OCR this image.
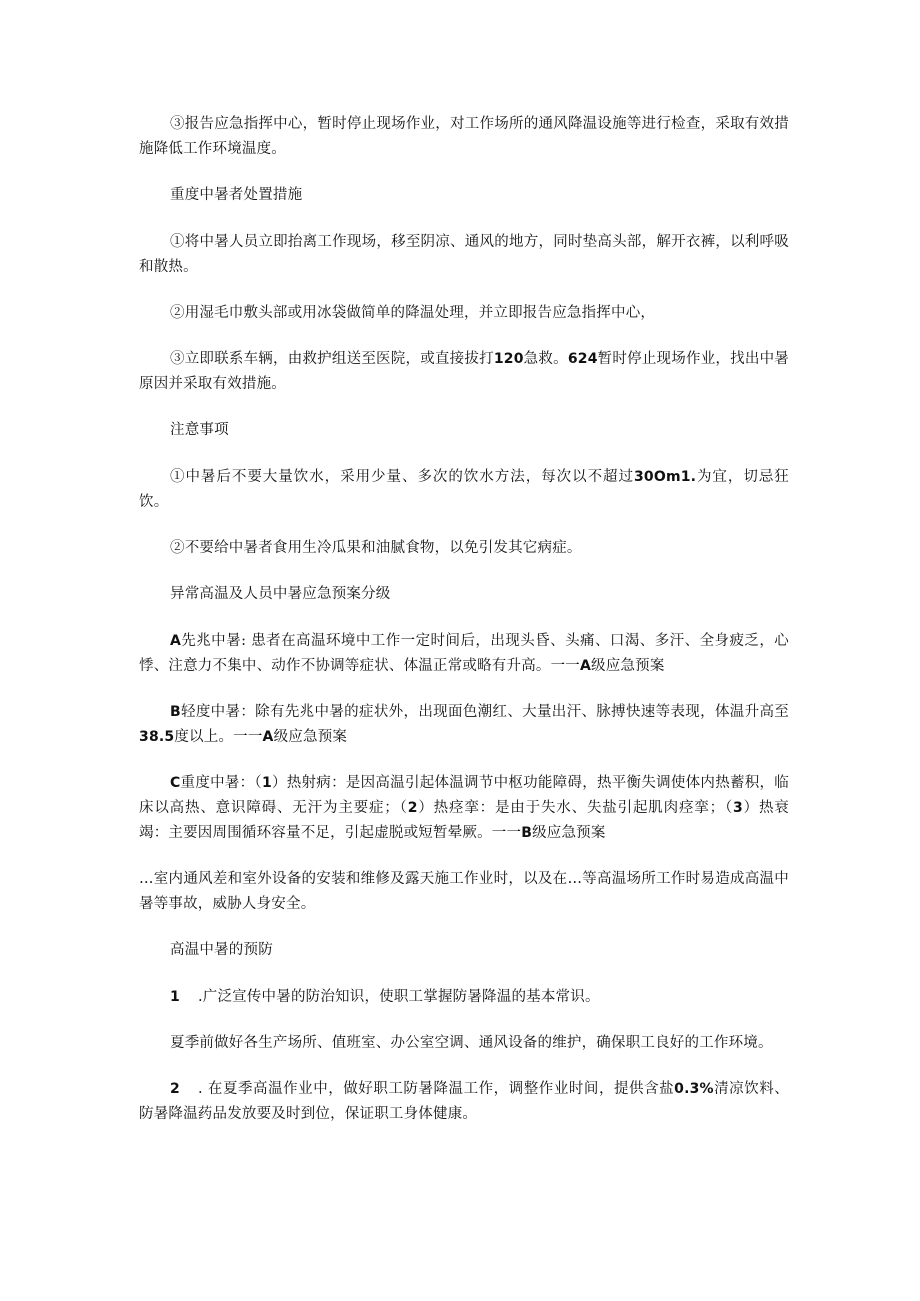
③报告应急指挥中心，暂时停止现场作业，对工作场所的通风降温设施等进行检查，采取有效措施降低工作环境温度。

重度中暑者处置措施

①将中暑人员立即抬离工作现场，移至阴凉、通风的地方，同时垫高头部，解开衣裤，以利呼吸和散热。

②用湿毛巾敷头部或用冰袋做简单的降温处理，并立即报告应急指挥中心，

③立即联系车辆，由救护组送至医院，或直接拔打120急救。624暂时停止现场作业，找出中暑原因并采取有效措施。

注意事项

①中暑后不要大量饮水，采用少量、多次的饮水方法，每次以不超过30Om1.为宜，切忌狂饮。

②不要给中暑者食用生冷瓜果和油腻食物，以免引发其它病症。

异常高温及人员中暑应急预案分级

A先兆中暑: 患者在高温环境中工作一定时间后，出现头昏、头痛、口渴、多汗、全身疲乏，心悸、注意力不集中、动作不协调等症状、体温正常或略有升高。一一A级应急预案

B轻度中暑：除有先兆中暑的症状外，出现面色潮红、大量出汗、脉搏快速等表现，体温升高至38.5度以上。一一A级应急预案

C重度中暑：（1）热射病：是因高温引起体温调节中枢功能障碍，热平衡失调使体内热蓄积，临床以高热、意识障碍、无汗为主要症；（2）热痉挛：是由于失水、失盐引起肌肉痉挛；（3）热衰竭：主要因周围循环容量不足，引起虚脱或短暂晕厥。一一B级应急预案

…室内通风差和室外设备的安装和维修及露天施工作业时，以及在…等高温场所工作时易造成高温中暑等事故，威胁人身安全。

高温中暑的预防

1 .广泛宣传中暑的防治知识，使职工掌握防暑降温的基本常识。

夏季前做好各生产场所、值班室、办公室空调、通风设备的维护，确保职工良好的工作环境。

2 . 在夏季高温作业中，做好职工防暑降温工作，调整作业时间，提供含盐0.3%清凉饮料、防暑降温药品发放要及时到位，保证职工身体健康。
